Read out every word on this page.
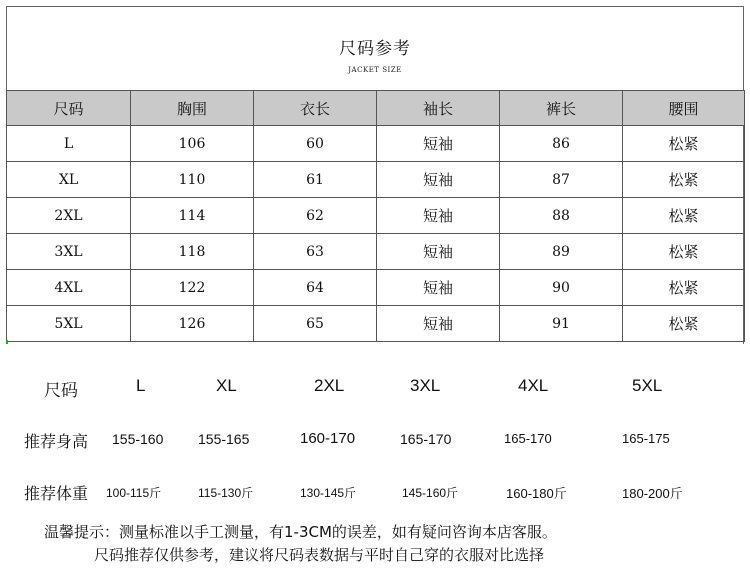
尺码参考
JACKET SIZE
尺码	胸围	衣长	袖长	裤长	腰围
L	106	60	短袖	86	松紧
XL	110	61	短袖	87	松紧
2XL	114	62	短袖	88	松紧
3XL	118	63	短袖	89	松紧
4XL	122	64	短袖	90	松紧
5XL	126	65	短袖	91	松紧
尺码	L	XL	2XL	3XL	4XL	5XL
推荐身高 155-160 155-165	160-170	165-170	165-170	165-175
推荐体重 100-115斤	115-130斤	130-145斤	145-160斤	160-180斤	180-200斤
温馨提示：测量标准以手工测量，有1-3CM的误差，如有疑问咨询本店客服。
尺码推荐仅供参考，建议将尺码表数据与平时自己穿的衣服对比选择
